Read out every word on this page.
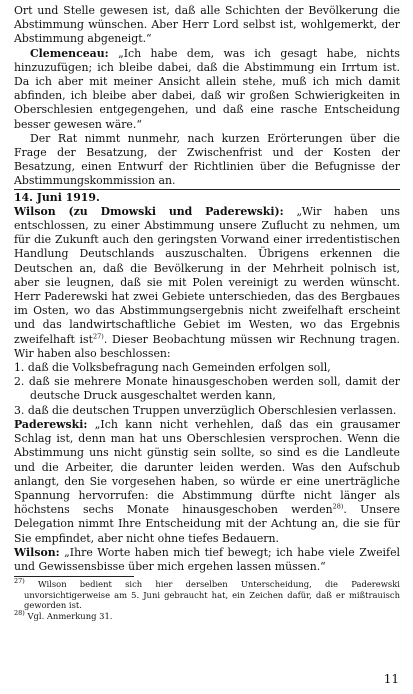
Ort und Stelle gewesen ist, daß alle Schichten der Bevölkerung die Abstimmung wünschen. Aber Herr Lord selbst ist, wohlgemerkt, der Abstimmung abgeneigt.“

Clemenceau: „Ich habe dem, was ich gesagt habe, nichts hinzuzufügen; ich bleibe dabei, daß die Abstimmung ein Irrtum ist. Da ich aber mit meiner Ansicht allein stehe, muß ich mich damit abfinden, ich bleibe aber dabei, daß wir großen Schwierigkeiten in Oberschlesien entgegengehen, und daß eine rasche Entscheidung besser gewesen wäre.“

Der Rat nimmt nunmehr, nach kurzen Erörterungen über die Frage der Besatzung, der Zwischenfrist und der Kosten der Besatzung, einen Entwurf der Richtlinien über die Befugnisse der Abstimmungskommission an.

14. Juni 1919.

Wilson (zu Dmowski und Paderewski): „Wir haben uns entschlossen, zu einer Abstimmung unsere Zuflucht zu nehmen, um für die Zukunft auch den geringsten Vorwand einer irredentistischen Handlung Deutschlands auszuschalten. Übrigens erkennen die Deutschen an, daß die Bevölkerung in der Mehrheit polnisch ist, aber sie leugnen, daß sie mit Polen vereinigt zu werden wünscht. Herr Paderewski hat zwei Gebiete unterschieden, das des Bergbaues im Osten, wo das Abstimmungsergebnis nicht zweifelhaft erscheint und das landwirtschaftliche Gebiet im Westen, wo das Ergebnis zweifelhaft ist$^{27)}$. Dieser Beobachtung müssen wir Rechnung tragen. Wir haben also beschlossen:

1. daß die Volksbefragung nach Gemeinden erfolgen soll,
2. daß sie mehrere Monate hinausgeschoben werden soll, damit der deutsche Druck ausgeschaltet werden kann,
3. daß die deutschen Truppen unverzüglich Oberschlesien verlassen.

Paderewski: „Ich kann nicht verhehlen, daß das ein grausamer Schlag ist, denn man hat uns Oberschlesien versprochen. Wenn die Abstimmung uns nicht günstig sein sollte, so sind es die Landleute und die Arbeiter, die darunter leiden werden. Was den Aufschub anlangt, den Sie vorgesehen haben, so würde er eine unerträgliche Spannung hervorrufen: die Abstimmung dürfte nicht länger als höchstens sechs Monate hinausgeschoben werden$^{28)}$. Unsere Delegation nimmt Ihre Entscheidung mit der Achtung an, die sie für Sie empfindet, aber nicht ohne tiefes Bedauern.

Wilson: „Ihre Worte haben mich tief bewegt; ich habe viele Zweifel und Gewissensbisse über mich ergehen lassen müssen.“

$^{27)}$ Wilson bedient sich hier derselben Unterscheidung, die Paderewski unvorsichtigerweise am 5. Juni gebraucht hat, ein Zeichen dafür, daß er mißtrauisch geworden ist.

$^{28)}$ Vgl. Anmerkung 31.

11
